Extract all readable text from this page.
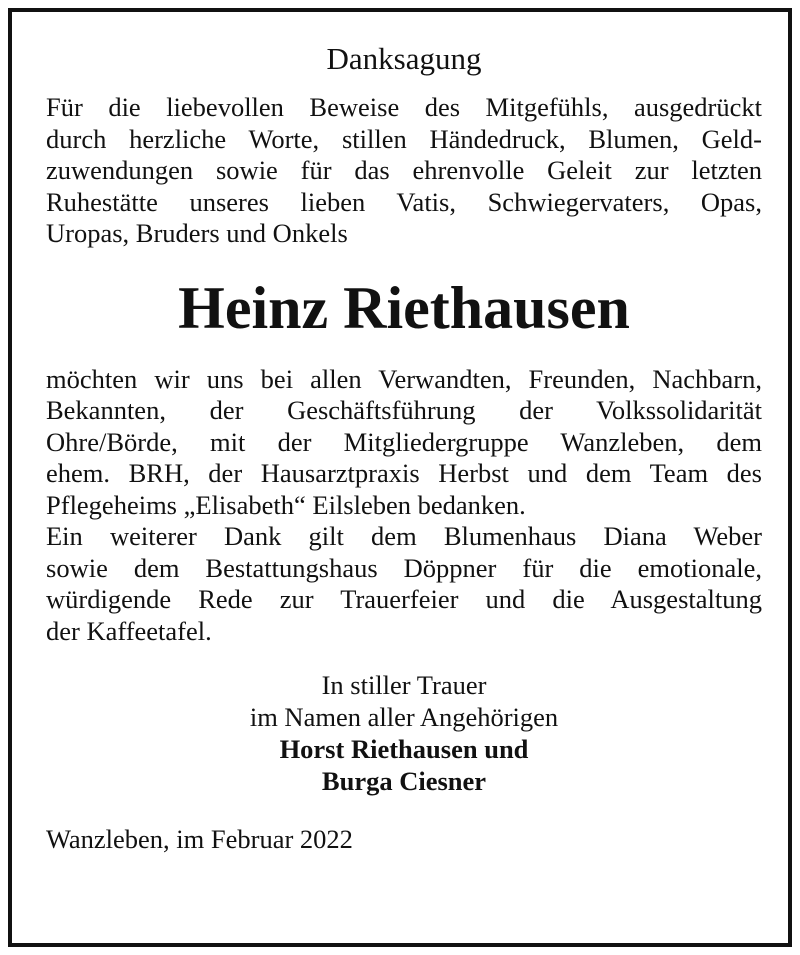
Danksagung

Für die liebevollen Beweise des Mitgefühls, ausgedrückt
durch herzliche Worte, stillen Händedruck, Blumen, Geld-
zuwendungen sowie für das ehrenvolle Geleit zur letzten
Ruhestätte unseres lieben Vatis, Schwiegervaters, Opas,
Uropas, Bruders und Onkels

Heinz Riethausen

möchten wir uns bei allen Verwandten, Freunden, Nachbarn,
Bekannten, der Geschäftsführung der Volkssolidarität
Ohre/Börde, mit der Mitgliedergruppe Wanzleben, dem
ehem. BRH, der Hausarztpraxis Herbst und dem Team des
Pflegeheims „Elisabeth“ Eilsleben bedanken.
Ein weiterer Dank gilt dem Blumenhaus Diana Weber
sowie dem Bestattungshaus Döppner für die emotionale,
würdigende Rede zur Trauerfeier und die Ausgestaltung
der Kaffeetafel.

In stiller Trauer
im Namen aller Angehörigen
Horst Riethausen und
Burga Ciesner
Wanzleben, im Februar 2022
